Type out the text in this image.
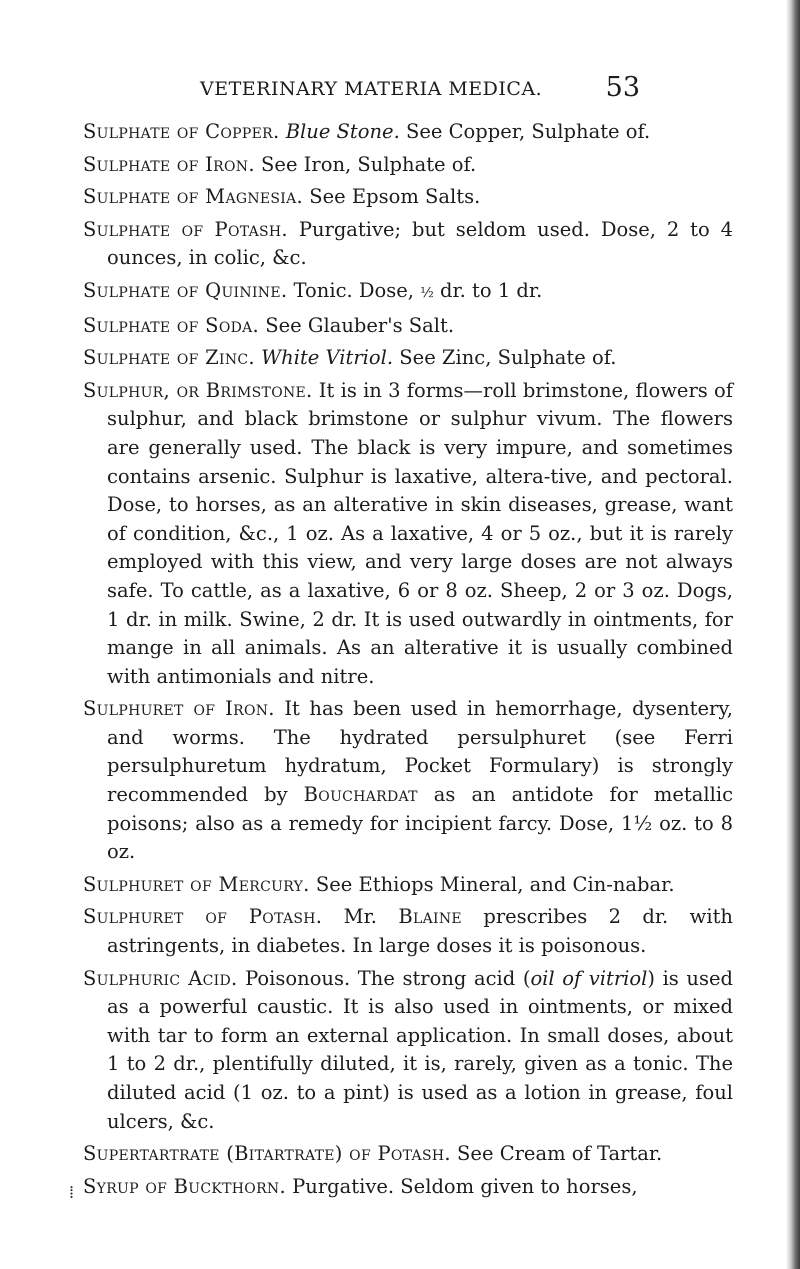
VETERINARY MATERIA MEDICA. 53

Sulphate of Copper. Blue Stone. See Copper, Sulphate of.

Sulphate of Iron. See Iron, Sulphate of.

Sulphate of Magnesia. See Epsom Salts.

Sulphate of Potash. Purgative; but seldom used. Dose, 2 to 4 ounces, in colic, &c.

Sulphate of Quinine. Tonic. Dose, ½ dr. to 1 dr.

Sulphate of Soda. See Glauber's Salt.

Sulphate of Zinc. White Vitriol. See Zinc, Sulphate of.

Sulphur, or Brimstone. It is in 3 forms—roll brimstone, flowers of sulphur, and black brimstone or sulphur vivum. The flowers are generally used. The black is very impure, and sometimes contains arsenic. Sulphur is laxative, altera-tive, and pectoral. Dose, to horses, as an alterative in skin diseases, grease, want of condition, &c., 1 oz. As a laxative, 4 or 5 oz., but it is rarely employed with this view, and very large doses are not always safe. To cattle, as a laxative, 6 or 8 oz. Sheep, 2 or 3 oz. Dogs, 1 dr. in milk. Swine, 2 dr. It is used outwardly in ointments, for mange in all animals. As an alterative it is usually combined with antimonials and nitre.

Sulphuret of Iron. It has been used in hemorrhage, dysentery, and worms. The hydrated persulphuret (see Ferri persulphuretum hydratum, Pocket Formulary) is strongly recommended by Bouchardat as an antidote for metallic poisons; also as a remedy for incipient farcy. Dose, 1½ oz. to 8 oz.

Sulphuret of Mercury. See Ethiops Mineral, and Cin-nabar.

Sulphuret of Potash. Mr. Blaine prescribes 2 dr. with astringents, in diabetes. In large doses it is poisonous.

Sulphuric Acid. Poisonous. The strong acid (oil of vitriol) is used as a powerful caustic. It is also used in ointments, or mixed with tar to form an external application. In small doses, about 1 to 2 dr., plentifully diluted, it is, rarely, given as a tonic. The diluted acid (1 oz. to a pint) is used as a lotion in grease, foul ulcers, &c.

Supertartrate (Bitartrate) of Potash. See Cream of Tartar.

Syrup of Buckthorn. Purgative. Seldom given to horses,

⁞
